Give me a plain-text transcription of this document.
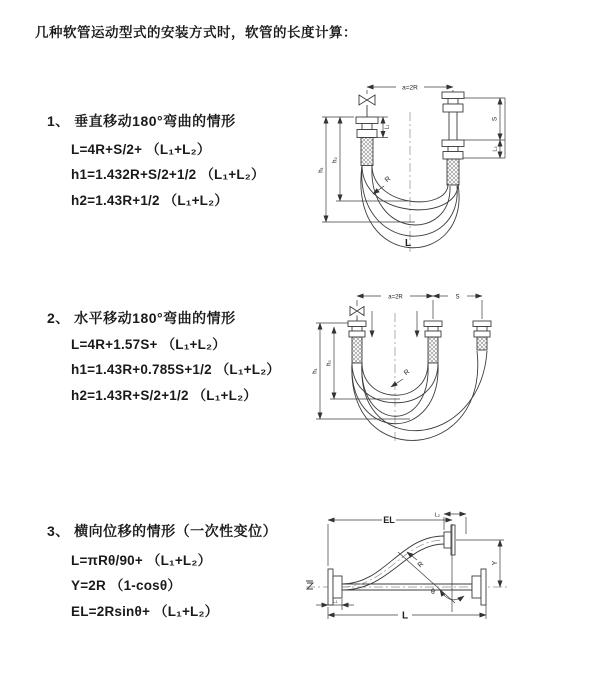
几种软管运动型式的安装方式时，软管的长度计算：
1、 垂直移动180°弯曲的情形
L=4R+S/2+ （L₁+L₂）
h1=1.432R+S/2+1/2 （L₁+L₂）
h2=1.43R+1/2 （L₁+L₂）
2、 水平移动180°弯曲的情形
L=4R+1.57S+ （L₁+L₂）
h1=1.43R+0.785S+1/2 （L₁+L₂）
h2=1.43R+S/2+1/2 （L₁+L₂）
3、 横向位移的情形（一次性变位）
L=πRθ/90+ （L₁+L₂）
Y=2R （1-cosθ）
EL=2Rsinθ+ （L₁+L₂）
a=2R
h₁
h₂
L₁
S
L₂
R
L
a=2R	S
h₁
h₂
R
EL	L₂
Y
θ
R
L
L₁
